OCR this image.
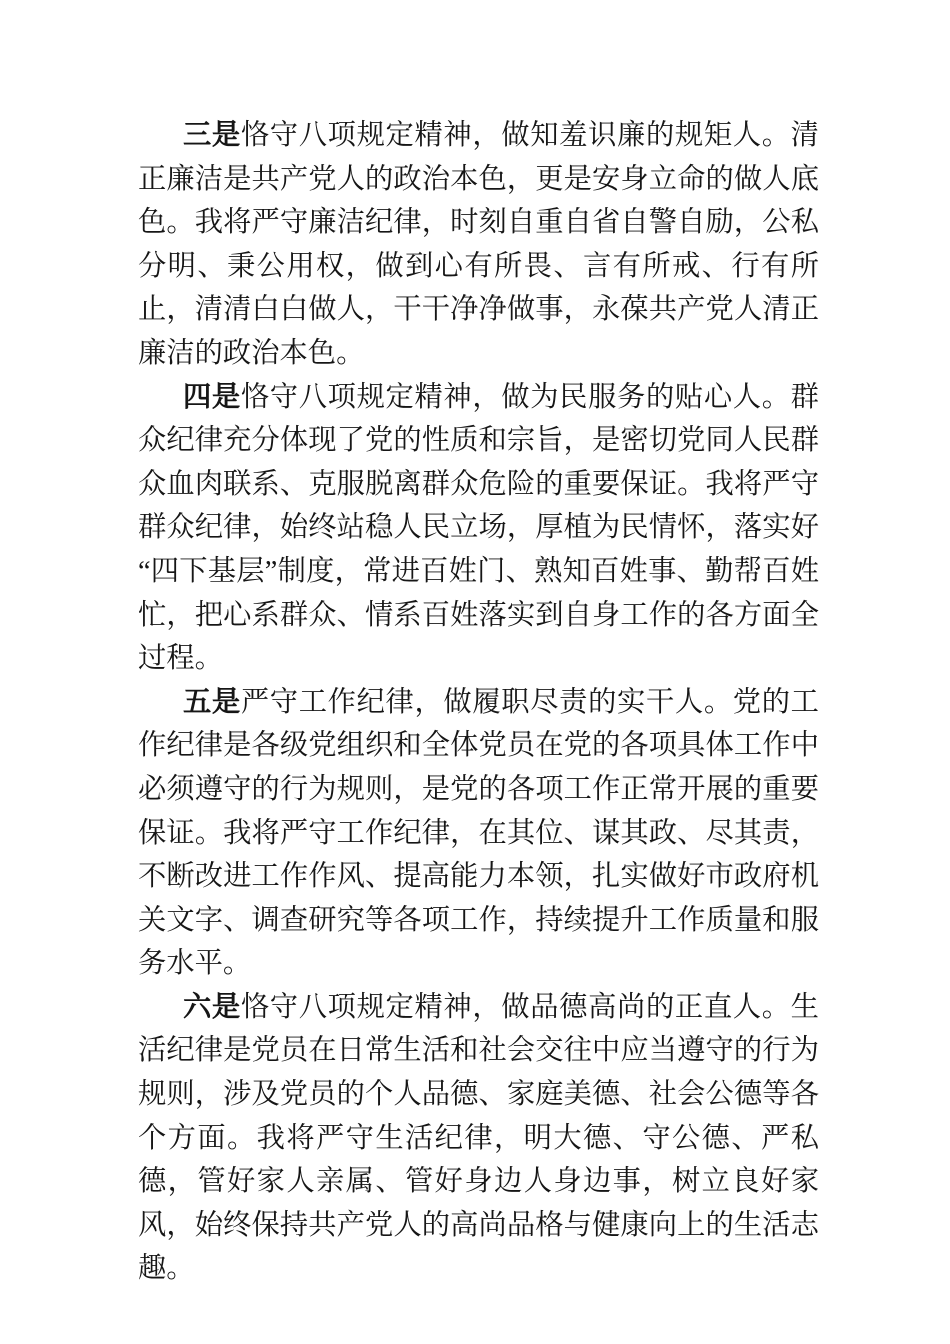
三是恪守八项规定精神，做知羞识廉的规矩人。清正廉洁是共产党人的政治本色，更是安身立命的做人底色。我将严守廉洁纪律，时刻自重自省自警自励，公私分明、秉公用权，做到心有所畏、言有所戒、行有所止，清清白白做人，干干净净做事，永葆共产党人清正廉洁的政治本色。

四是恪守八项规定精神，做为民服务的贴心人。群众纪律充分体现了党的性质和宗旨，是密切党同人民群众血肉联系、克服脱离群众危险的重要保证。我将严守群众纪律，始终站稳人民立场，厚植为民情怀，落实好“四下基层”制度，常进百姓门、熟知百姓事、勤帮百姓忙，把心系群众、情系百姓落实到自身工作的各方面全过程。

五是严守工作纪律，做履职尽责的实干人。党的工作纪律是各级党组织和全体党员在党的各项具体工作中必须遵守的行为规则，是党的各项工作正常开展的重要保证。我将严守工作纪律，在其位、谋其政、尽其责，不断改进工作作风、提高能力本领，扎实做好市政府机关文字、调查研究等各项工作，持续提升工作质量和服务水平。

六是恪守八项规定精神，做品德高尚的正直人。生活纪律是党员在日常生活和社会交往中应当遵守的行为规则，涉及党员的个人品德、家庭美德、社会公德等各个方面。我将严守生活纪律，明大德、守公德、严私德，管好家人亲属、管好身边人身边事，树立良好家风，始终保持共产党人的高尚品格与健康向上的生活志趣。
